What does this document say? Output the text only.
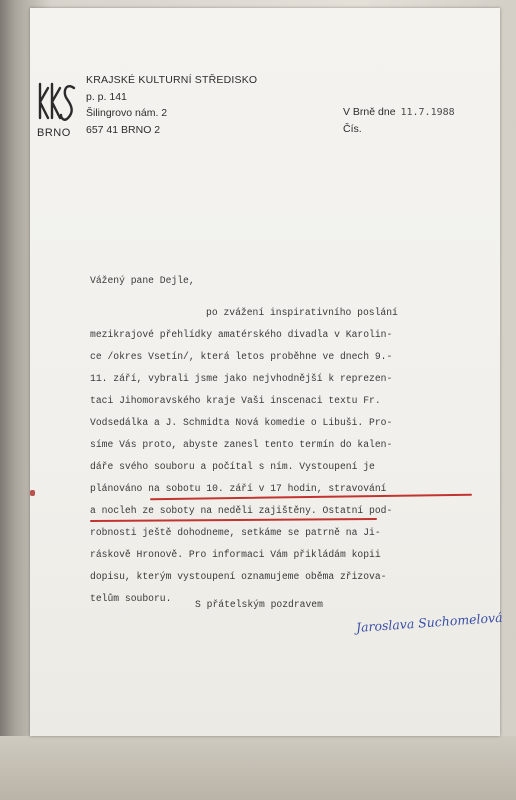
BRNO
KRAJSKÉ KULTURNÍ STŘEDISKO
p. p. 141
Šilingrovo nám. 2
657 41 BRNO 2
V Brně dne 11.7.1988
Čís.
Vážený pane Dejle,
po zvážení inspirativního poslání
mezikrajové přehlídky amatérského divadla v Karolin-
ce /okres Vsetín/, která letos proběhne ve dnech 9.-
11. září, vybrali jsme jako nejvhodnější k reprezen-
taci Jihomoravského kraje Vaši inscenaci textu Fr.
Vodsedálka a J. Schmidta Nová komedie o Libuši. Pro-
síme Vás proto, abyste zanesl tento termín do kalen-
dáře svého souboru a počítal s ním. Vystoupení je
plánováno na sobotu 10. září v 17 hodin, stravování
a nocleh ze soboty na neděli zajištěny. Ostatní pod-
robnosti ještě dohodneme, setkáme se patrně na Ji-
ráskově Hronově. Pro informaci Vám přikládám kopii
dopisu, kterým vystoupení oznamujeme oběma zřizova-
telům souboru.
S přátelským pozdravem
Jaroslava Suchomelová
